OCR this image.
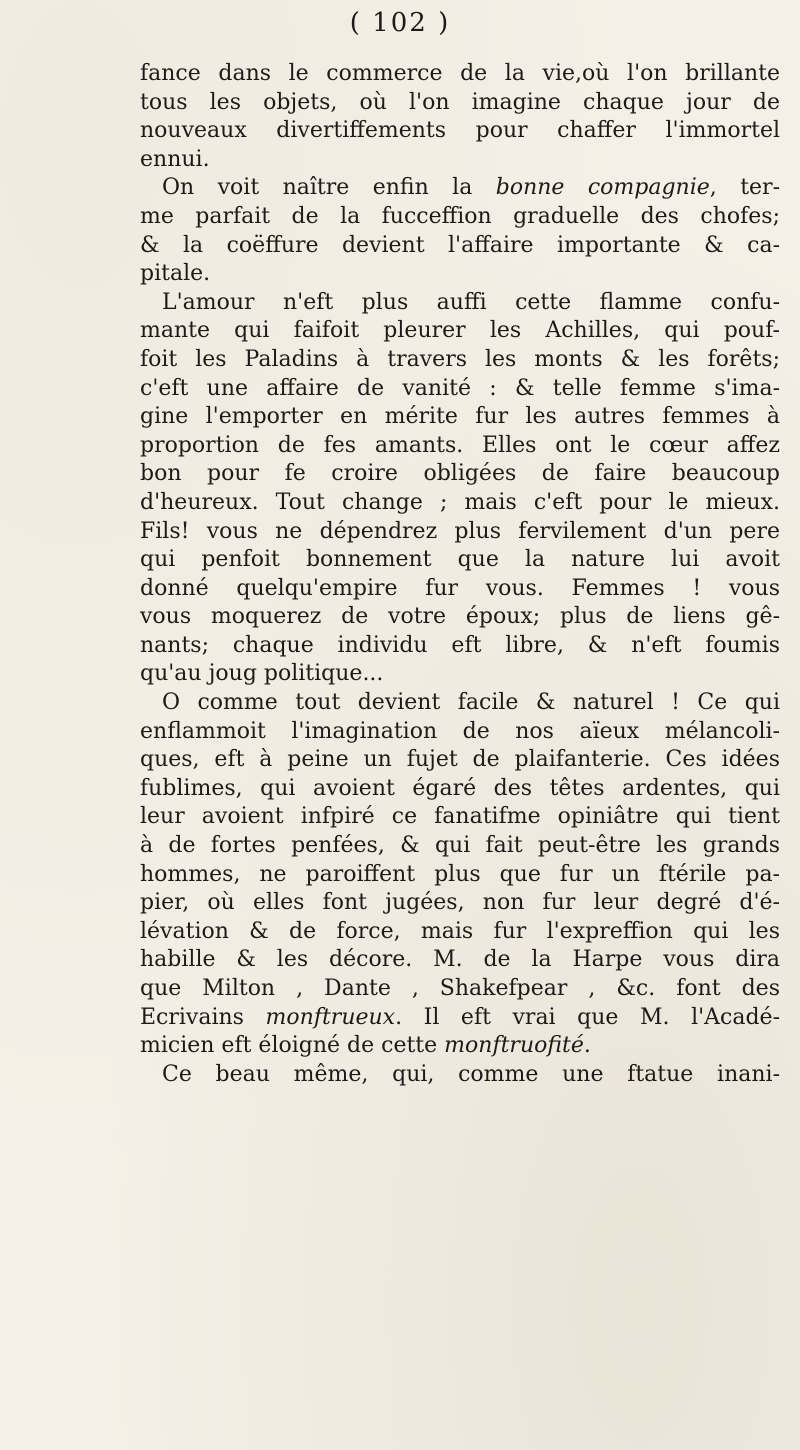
( 102 )
fance dans le commerce de la vie,où l'on brillante
tous les objets, où l'on imagine chaque jour de
nouveaux divertiffements pour chaffer l'immortel
ennui.
On voit naître enfin la bonne compagnie, ter-
me parfait de la fucceffion graduelle des chofes;
& la coëffure devient l'affaire importante & ca-
pitale.
L'amour n'eft plus auffi cette flamme confu-
mante qui faifoit pleurer les Achilles, qui pouf-
foit les Paladins à travers les monts & les forêts;
c'eft une affaire de vanité : & telle femme s'ima-
gine l'emporter en mérite fur les autres femmes à
proportion de fes amants. Elles ont le cœur affez
bon pour fe croire obligées de faire beaucoup
d'heureux. Tout change ; mais c'eft pour le mieux.
Fils! vous ne dépendrez plus fervilement d'un pere
qui penfoit bonnement que la nature lui avoit
donné quelqu'empire fur vous. Femmes ! vous
vous moquerez de votre époux; plus de liens gê-
nants; chaque individu eft libre, & n'eft foumis
qu'au joug politique...
O comme tout devient facile & naturel ! Ce qui
enflammoit l'imagination de nos aïeux mélancoli-
ques, eft à peine un fujet de plaifanterie. Ces idées
fublimes, qui avoient égaré des têtes ardentes, qui
leur avoient infpiré ce fanatifme opiniâtre qui tient
à de fortes penfées, & qui fait peut-être les grands
hommes, ne paroiffent plus que fur un ftérile pa-
pier, où elles font jugées, non fur leur degré d'é-
lévation & de force, mais fur l'expreffion qui les
habille & les décore. M. de la Harpe vous dira
que Milton , Dante , Shakefpear , &c. font des
Ecrivains monftrueux. Il eft vrai que M. l'Acadé-
micien eft éloigné de cette monftruofité.
Ce beau même, qui, comme une ftatue inani-
